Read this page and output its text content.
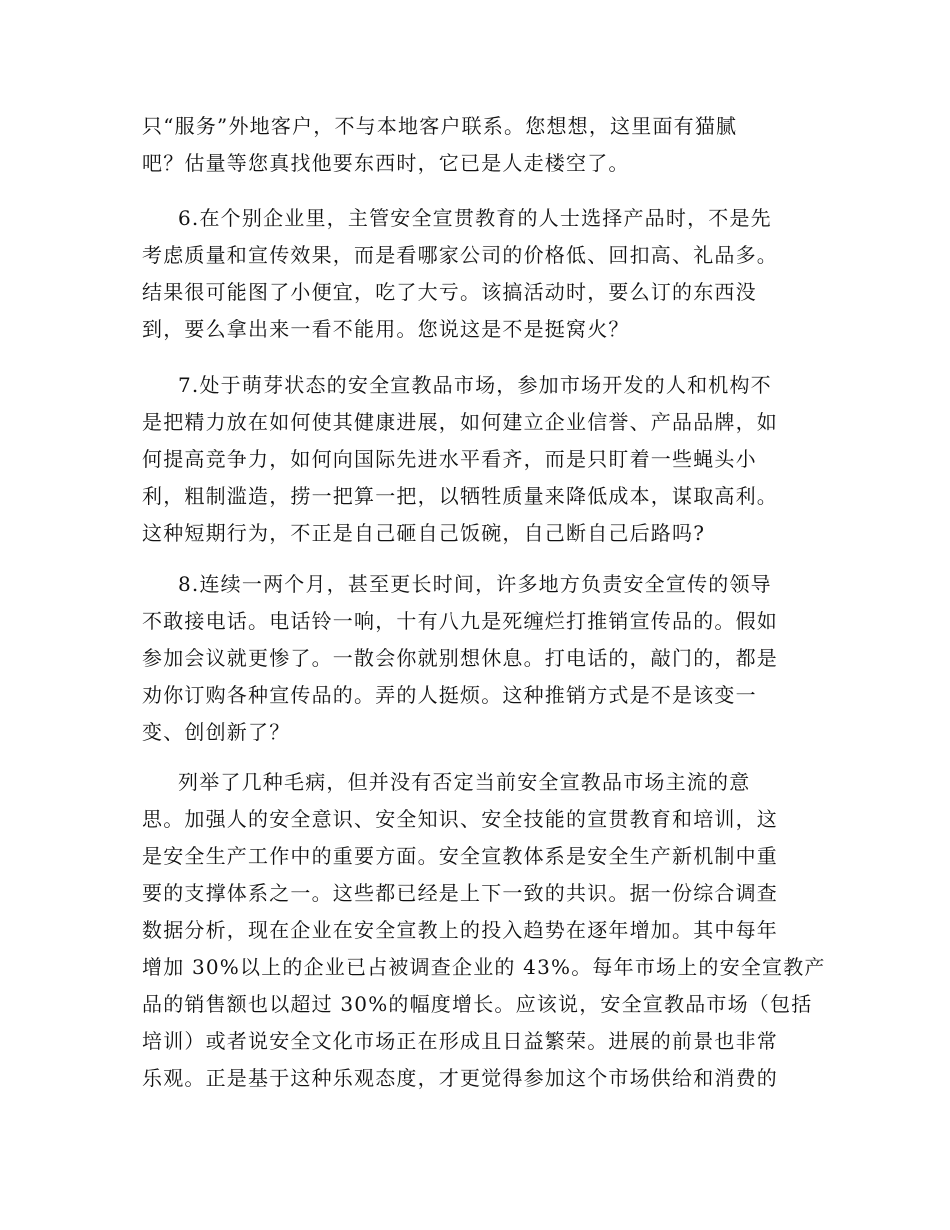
只“服务”外地客户，不与本地客户联系。您想想，这里面有猫腻
吧？估量等您真找他要东西时，它已是人走楼空了。
6.在个别企业里，主管安全宣贯教育的人士选择产品时，不是先
考虑质量和宣传效果，而是看哪家公司的价格低、回扣高、礼品多。
结果很可能图了小便宜，吃了大亏。该搞活动时，要么订的东西没
到，要么拿出来一看不能用。您说这是不是挺窝火？
7.处于萌芽状态的安全宣教品市场，参加市场开发的人和机构不
是把精力放在如何使其健康进展，如何建立企业信誉、产品品牌，如
何提高竞争力，如何向国际先进水平看齐，而是只盯着一些蝇头小
利，粗制滥造，捞一把算一把，以牺牲质量来降低成本，谋取高利。
这种短期行为，不正是自己砸自己饭碗，自己断自己后路吗?
8.连续一两个月，甚至更长时间，许多地方负责安全宣传的领导
不敢接电话。电话铃一响，十有八九是死缠烂打推销宣传品的。假如
参加会议就更惨了。一散会你就别想休息。打电话的，敲门的，都是
劝你订购各种宣传品的。弄的人挺烦。这种推销方式是不是该变一
变、创创新了？
列举了几种毛病，但并没有否定当前安全宣教品市场主流的意
思。加强人的安全意识、安全知识、安全技能的宣贯教育和培训，这
是安全生产工作中的重要方面。安全宣教体系是安全生产新机制中重
要的支撑体系之一。这些都已经是上下一致的共识。据一份综合调查
数据分析，现在企业在安全宣教上的投入趋势在逐年增加。其中每年
增加 30%以上的企业已占被调查企业的 43%。每年市场上的安全宣教产
品的销售额也以超过 30%的幅度增长。应该说，安全宣教品市场（包括
培训）或者说安全文化市场正在形成且日益繁荣。进展的前景也非常
乐观。正是基于这种乐观态度，才更觉得参加这个市场供给和消费的
